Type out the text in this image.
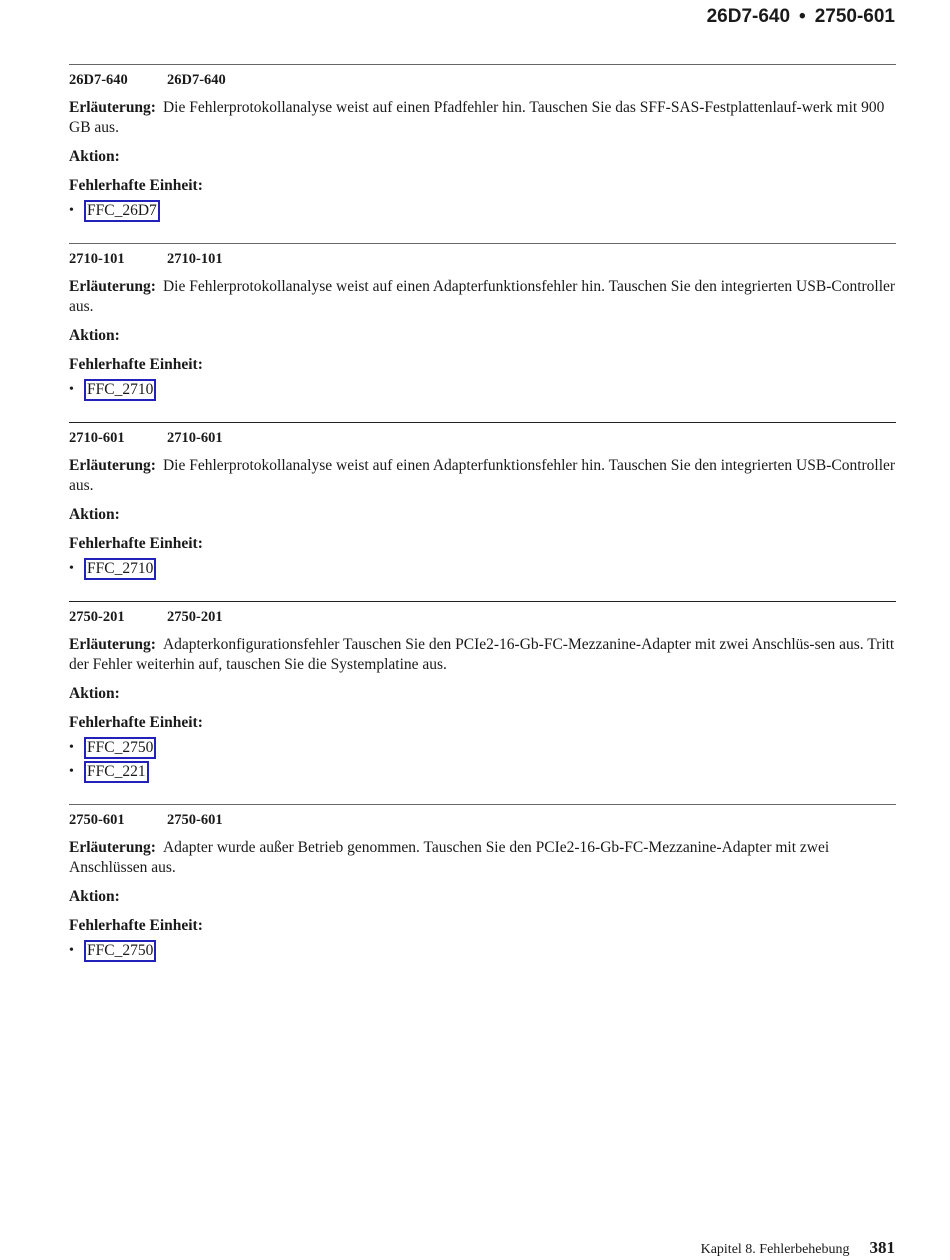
26D7-640 • 2750-601
26D7-640	26D7-640
Erläuterung: Die Fehlerprotokollanalyse weist auf einen Pfadfehler hin. Tauschen Sie das SFF-SAS-Festplattenlauf-werk mit 900 GB aus.
Aktion:
Fehlerhafte Einheit:
• FFC_26D7
2710-101	2710-101
Erläuterung: Die Fehlerprotokollanalyse weist auf einen Adapterfunktionsfehler hin. Tauschen Sie den integrierten USB-Controller aus.
Aktion:
Fehlerhafte Einheit:
• FFC_2710
2710-601	2710-601
Erläuterung: Die Fehlerprotokollanalyse weist auf einen Adapterfunktionsfehler hin. Tauschen Sie den integrierten USB-Controller aus.
Aktion:
Fehlerhafte Einheit:
• FFC_2710
2750-201	2750-201
Erläuterung: Adapterkonfigurationsfehler Tauschen Sie den PCIe2-16-Gb-FC-Mezzanine-Adapter mit zwei Anschlüs-sen aus. Tritt der Fehler weiterhin auf, tauschen Sie die Systemplatine aus.
Aktion:
Fehlerhafte Einheit:
• FFC_2750
• FFC_221
2750-601	2750-601
Erläuterung: Adapter wurde außer Betrieb genommen. Tauschen Sie den PCIe2-16-Gb-FC-Mezzanine-Adapter mit zwei Anschlüssen aus.
Aktion:
Fehlerhafte Einheit:
• FFC_2750
Kapitel 8. Fehlerbehebung 381
